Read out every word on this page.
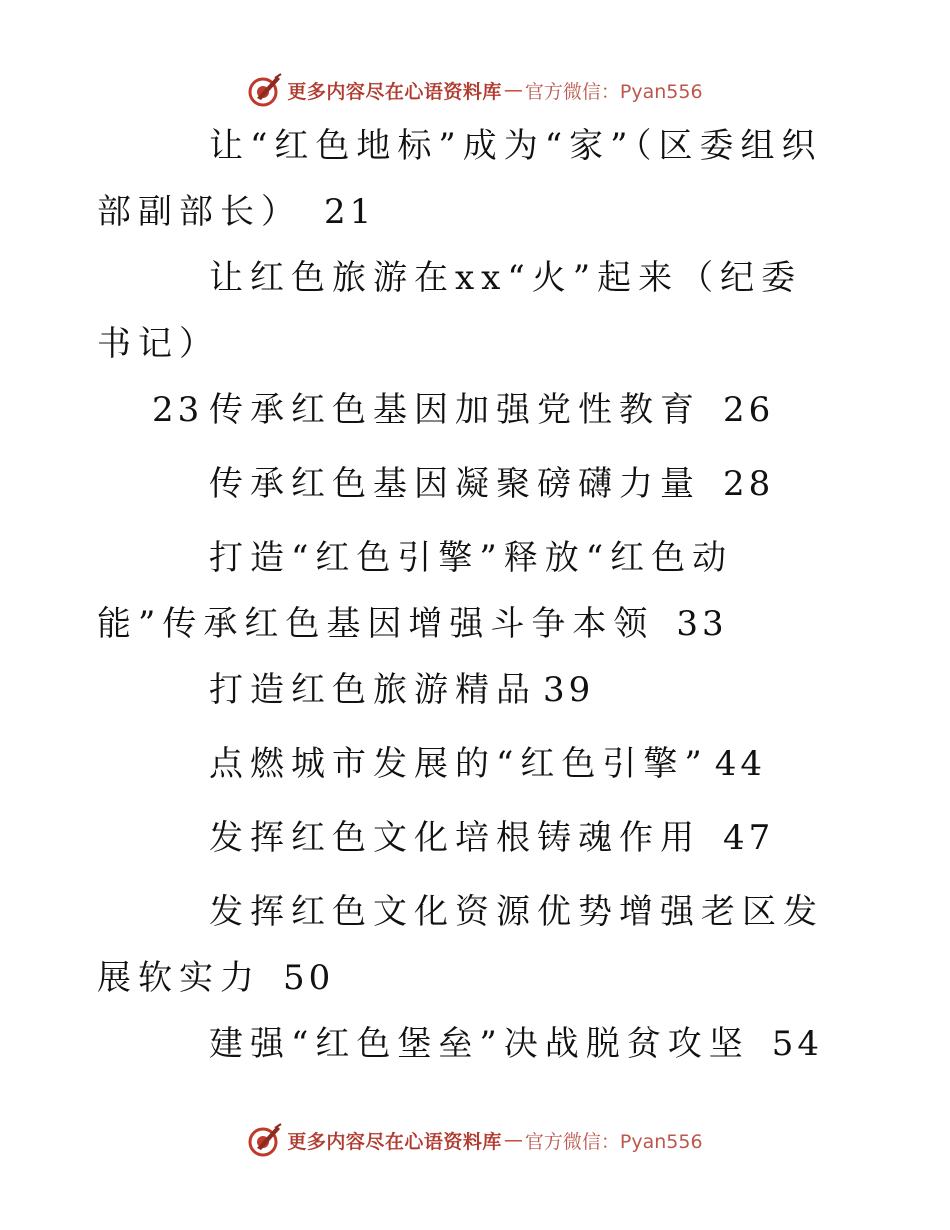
更多内容尽在心语资料库 — 官方微信：Pyan556
让“红色地标”成为“家”（区委组织部副部长） 21
让红色旅游在xx“火”起来（纪委书记）
23 传承红色基因加强党性教育 26
传承红色基因凝聚磅礴力量 28
打造“红色引擎”释放“红色动能”传承红色基因增强斗争本领 33
打造红色旅游精品 39
点燃城市发展的“红色引擎” 44
发挥红色文化培根铸魂作用 47
发挥红色文化资源优势增强老区发展软实力 50
建强“红色堡垒”决战脱贫攻坚 54
更多内容尽在心语资料库 — 官方微信：Pyan556
